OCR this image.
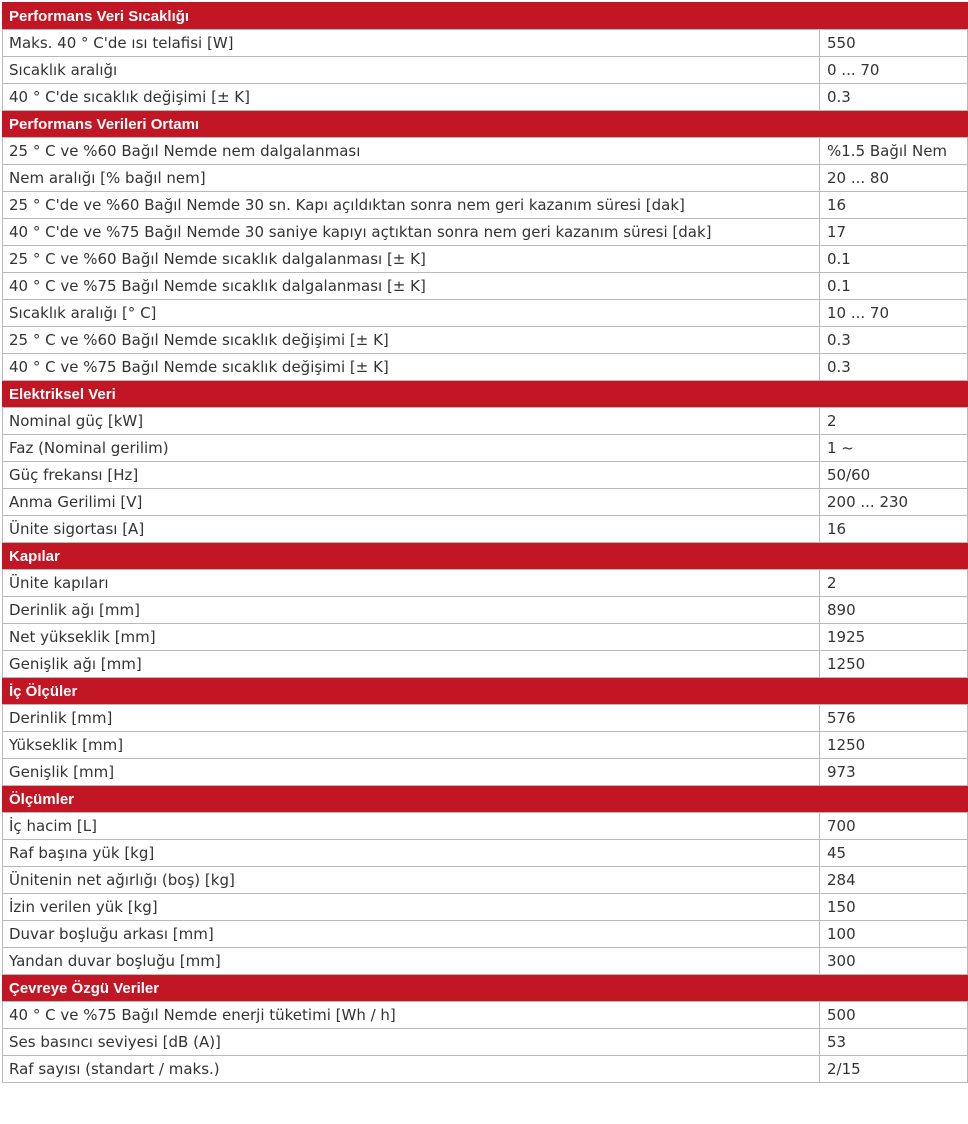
Performans Veri Sıcaklığı	
Maks. 40 ° C'de ısı telafisi [W]	550
Sıcaklık aralığı	0 ... 70
40 ° C'de sıcaklık değişimi [± K]	0.3
Performans Verileri Ortamı	
25 ° C ve %60 Bağıl Nemde nem dalgalanması	%1.5 Bağıl Nem
Nem aralığı [% bağıl nem]	20 ... 80
25 ° C'de ve %60 Bağıl Nemde 30 sn. Kapı açıldıktan sonra nem geri kazanım süresi [dak]	16
40 ° C'de ve %75 Bağıl Nemde 30 saniye kapıyı açtıktan sonra nem geri kazanım süresi [dak]	17
25 ° C ve %60 Bağıl Nemde sıcaklık dalgalanması [± K]	0.1
40 ° C ve %75 Bağıl Nemde sıcaklık dalgalanması [± K]	0.1
Sıcaklık aralığı [° C]	10 ... 70
25 ° C ve %60 Bağıl Nemde sıcaklık değişimi [± K]	0.3
40 ° C ve %75 Bağıl Nemde sıcaklık değişimi [± K]	0.3
Elektriksel Veri	
Nominal güç [kW]	2
Faz (Nominal gerilim)	1 ~
Güç frekansı [Hz]	50/60
Anma Gerilimi [V]	200 ... 230
Ünite sigortası [A]	16
Kapılar	
Ünite kapıları	2
Derinlik ağı [mm]	890
Net yükseklik [mm]	1925
Genişlik ağı [mm]	1250
İç Ölçüler	
Derinlik [mm]	576
Yükseklik [mm]	1250
Genişlik [mm]	973
Ölçümler	
İç hacim [L]	700
Raf başına yük [kg]	45
Ünitenin net ağırlığı (boş) [kg]	284
İzin verilen yük [kg]	150
Duvar boşluğu arkası [mm]	100
Yandan duvar boşluğu [mm]	300
Çevreye Özgü Veriler	
40 ° C ve %75 Bağıl Nemde enerji tüketimi [Wh / h]	500
Ses basıncı seviyesi [dB (A)]	53
Raf sayısı (standart / maks.)	2/15
